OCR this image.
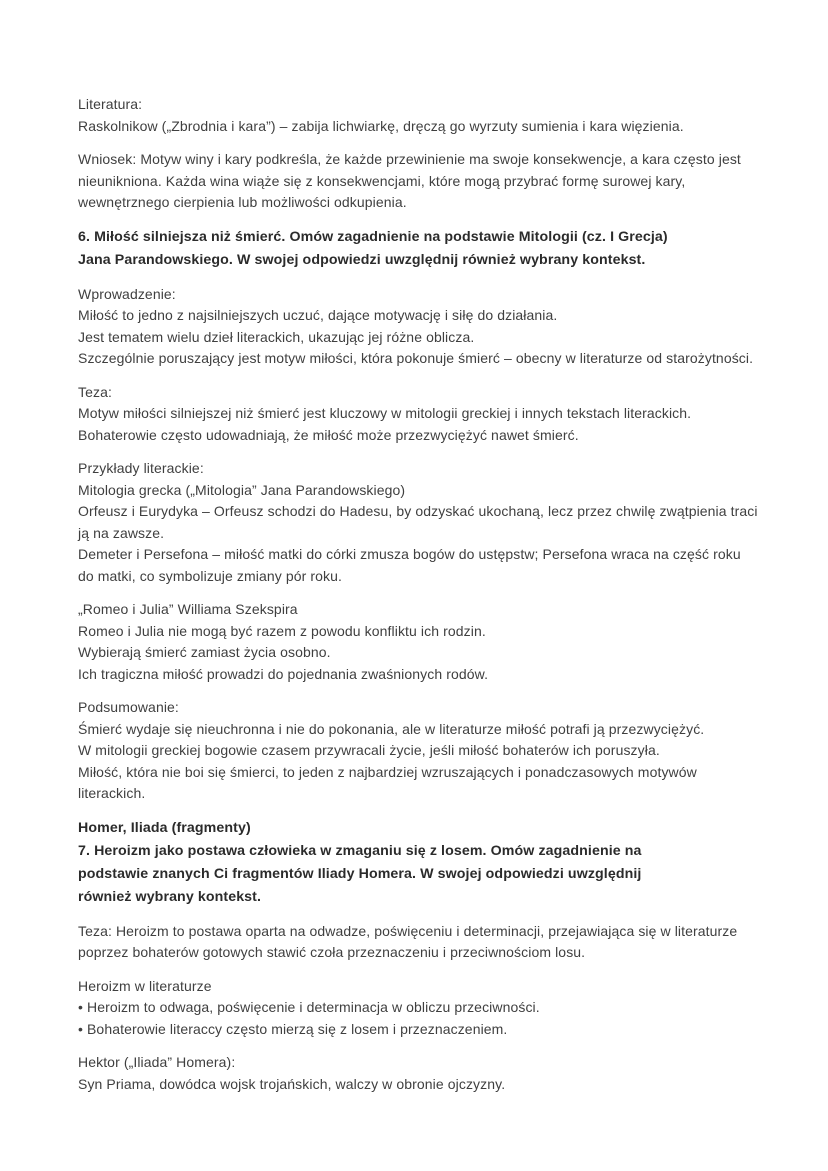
Literatura:
Raskolnikow („Zbrodnia i kara”) – zabija lichwiarkę, dręczą go wyrzuty sumienia i kara więzienia.
Wniosek: Motyw winy i kary podkreśla, że każde przewinienie ma swoje konsekwencje, a kara często jest
nieunikniona. Każda wina wiąże się z konsekwencjami, które mogą przybrać formę surowej kary,
wewnętrznego cierpienia lub możliwości odkupienia.
6. Miłość silniejsza niż śmierć. Omów zagadnienie na podstawie Mitologii (cz. I Grecja)
Jana Parandowskiego. W swojej odpowiedzi uwzględnij również wybrany kontekst.
Wprowadzenie:
Miłość to jedno z najsilniejszych uczuć, dające motywację i siłę do działania.
Jest tematem wielu dzieł literackich, ukazując jej różne oblicza.
Szczególnie poruszający jest motyw miłości, która pokonuje śmierć – obecny w literaturze od starożytności.
Teza:
Motyw miłości silniejszej niż śmierć jest kluczowy w mitologii greckiej i innych tekstach literackich.
Bohaterowie często udowadniają, że miłość może przezwyciężyć nawet śmierć.
Przykłady literackie:
Mitologia grecka („Mitologia” Jana Parandowskiego)
Orfeusz i Eurydyka – Orfeusz schodzi do Hadesu, by odzyskać ukochaną, lecz przez chwilę zwątpienia traci
ją na zawsze.
Demeter i Persefona – miłość matki do córki zmusza bogów do ustępstw; Persefona wraca na część roku
do matki, co symbolizuje zmiany pór roku.
„Romeo i Julia” Williama Szekspira
Romeo i Julia nie mogą być razem z powodu konfliktu ich rodzin.
Wybierają śmierć zamiast życia osobno.
Ich tragiczna miłość prowadzi do pojednania zwaśnionych rodów.
Podsumowanie:
Śmierć wydaje się nieuchronna i nie do pokonania, ale w literaturze miłość potrafi ją przezwyciężyć.
W mitologii greckiej bogowie czasem przywracali życie, jeśli miłość bohaterów ich poruszyła.
Miłość, która nie boi się śmierci, to jeden z najbardziej wzruszających i ponadczasowych motywów
literackich.
Homer, Iliada (fragmenty)
7. Heroizm jako postawa człowieka w zmaganiu się z losem. Omów zagadnienie na
podstawie znanych Ci fragmentów Iliady Homera. W swojej odpowiedzi uwzględnij
również wybrany kontekst.
Teza: Heroizm to postawa oparta na odwadze, poświęceniu i determinacji, przejawiająca się w literaturze
poprzez bohaterów gotowych stawić czoła przeznaczeniu i przeciwnościom losu.
Heroizm w literaturze
• Heroizm to odwaga, poświęcenie i determinacja w obliczu przeciwności.
• Bohaterowie literaccy często mierzą się z losem i przeznaczeniem.
Hektor („Iliada” Homera):
Syn Priama, dowódca wojsk trojańskich, walczy w obronie ojczyzny.
